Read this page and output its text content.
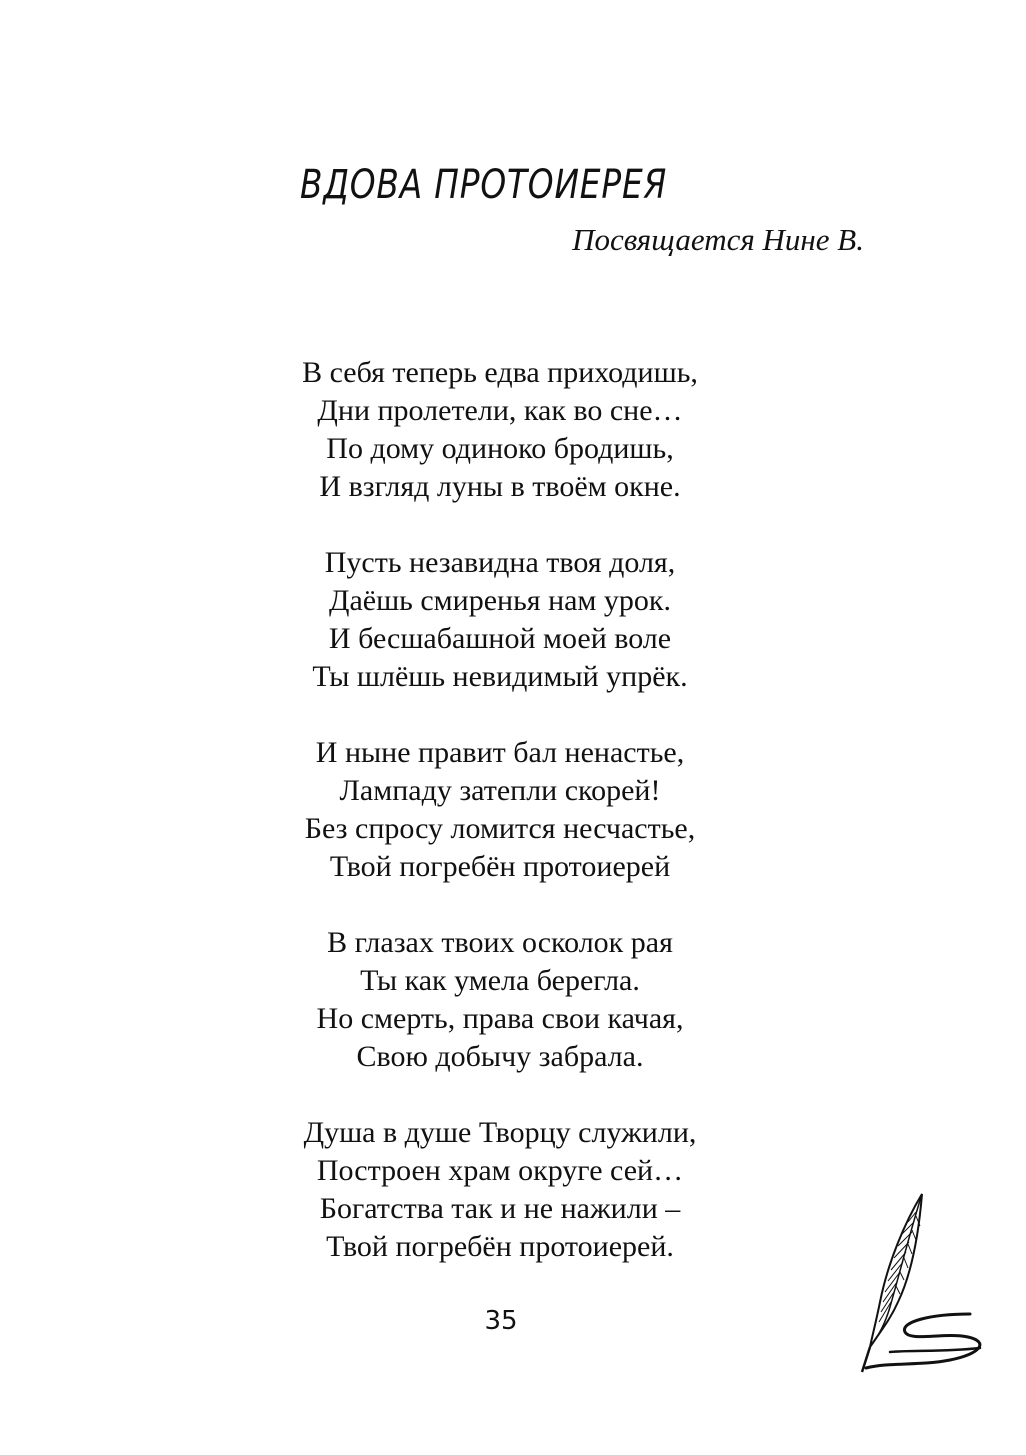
ВДОВА ПРОТОИЕРЕЯ
Посвящается Нине В.
В себя теперь едва приходишь,
Дни пролетели, как во сне…
По дому одиноко бродишь,
И взгляд луны в твоём окне.
Пусть незавидна твоя доля,
Даёшь смиренья нам урок.
И бесшабашной моей воле
Ты шлёшь невидимый упрёк.
И ныне правит бал ненастье,
Лампаду затепли скорей!
Без спросу ломится несчастье,
Твой погребён протоиерей
В глазах твоих осколок рая
Ты как умела берегла.
Но смерть, права свои качая,
Свою добычу забрала.
Душа в душе Творцу служили,
Построен храм округе сей…
Богатства так и не нажили –
Твой погребён протоиерей.
35
